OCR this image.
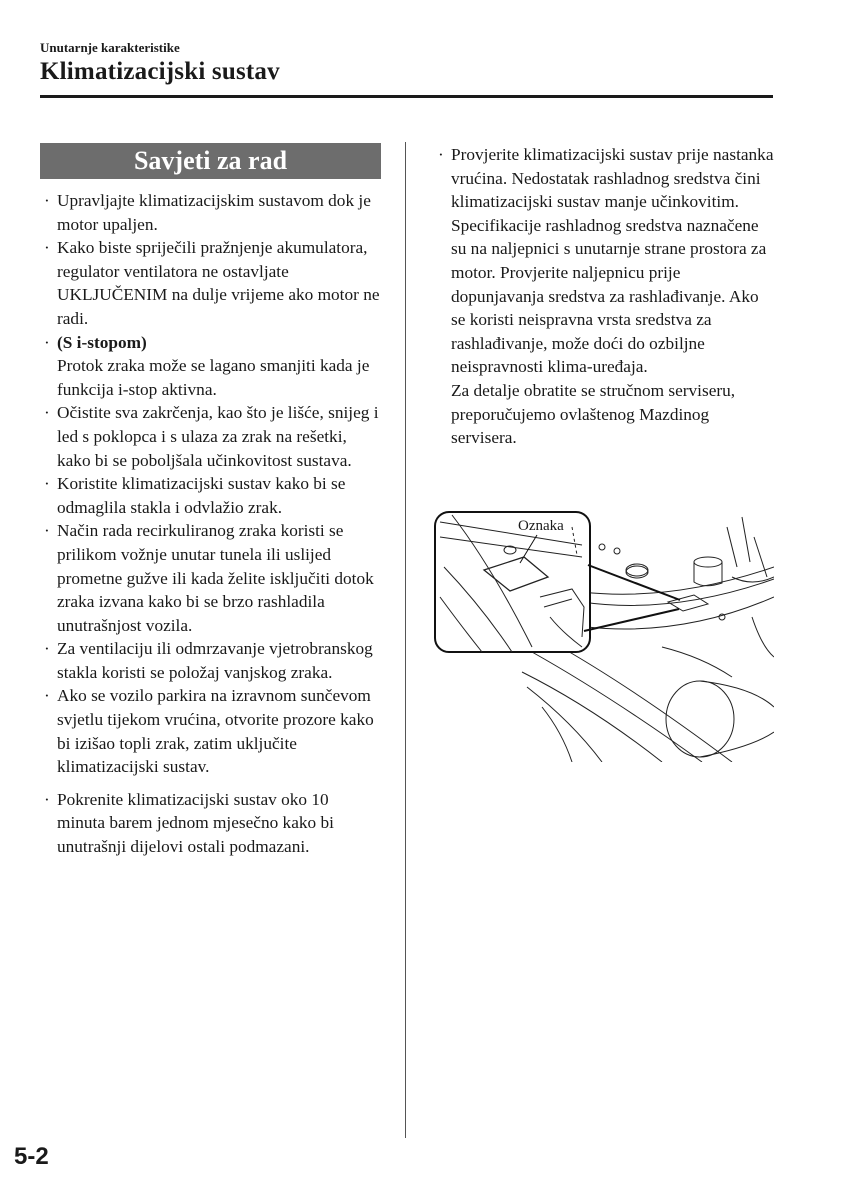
Unutarnje karakteristike
Klimatizacijski sustav
Savjeti za rad
· Upravljajte klimatizacijskim sustavom dok je motor upaljen.
· Kako biste spriječili pražnjenje akumulatora, regulator ventilatora ne ostavljate UKLJUČENIM na dulje vrijeme ako motor ne radi.
· (S i-stopom)
Protok zraka može se lagano smanjiti kada je funkcija i-stop aktivna.
· Očistite sva zakrčenja, kao što je lišće, snijeg i led s poklopca i s ulaza za zrak na rešetki, kako bi se poboljšala učinkovitost sustava.
· Koristite klimatizacijski sustav kako bi se odmaglila stakla i odvlažio zrak.
· Način rada recirkuliranog zraka koristi se prilikom vožnje unutar tunela ili uslijed prometne gužve ili kada želite isključiti dotok zraka izvana kako bi se brzo rashladila unutrašnjost vozila.
· Za ventilaciju ili odmrzavanje vjetrobranskog stakla koristi se položaj vanjskog zraka.
· Ako se vozilo parkira na izravnom sunčevom svjetlu tijekom vrućina, otvorite prozore kako bi izišao topli zrak, zatim uključite klimatizacijski sustav.
· Pokrenite klimatizacijski sustav oko 10 minuta barem jednom mjesečno kako bi unutrašnji dijelovi ostali podmazani.
· Provjerite klimatizacijski sustav prije nastanka vrućina. Nedostatak rashladnog sredstva čini klimatizacijski sustav manje učinkovitim.
Specifikacije rashladnog sredstva naznačene su na naljepnici s unutarnje strane prostora za motor. Provjerite naljepnicu prije dopunjavanja sredstva za rashlađivanje. Ako se koristi neispravna vrsta sredstva za rashlađivanje, može doći do ozbiljne neispravnosti klima-uređaja.
Za detalje obratite se stručnom serviseru, preporučujemo ovlaštenog Mazdinog servisera.
Oznaka
5-2
